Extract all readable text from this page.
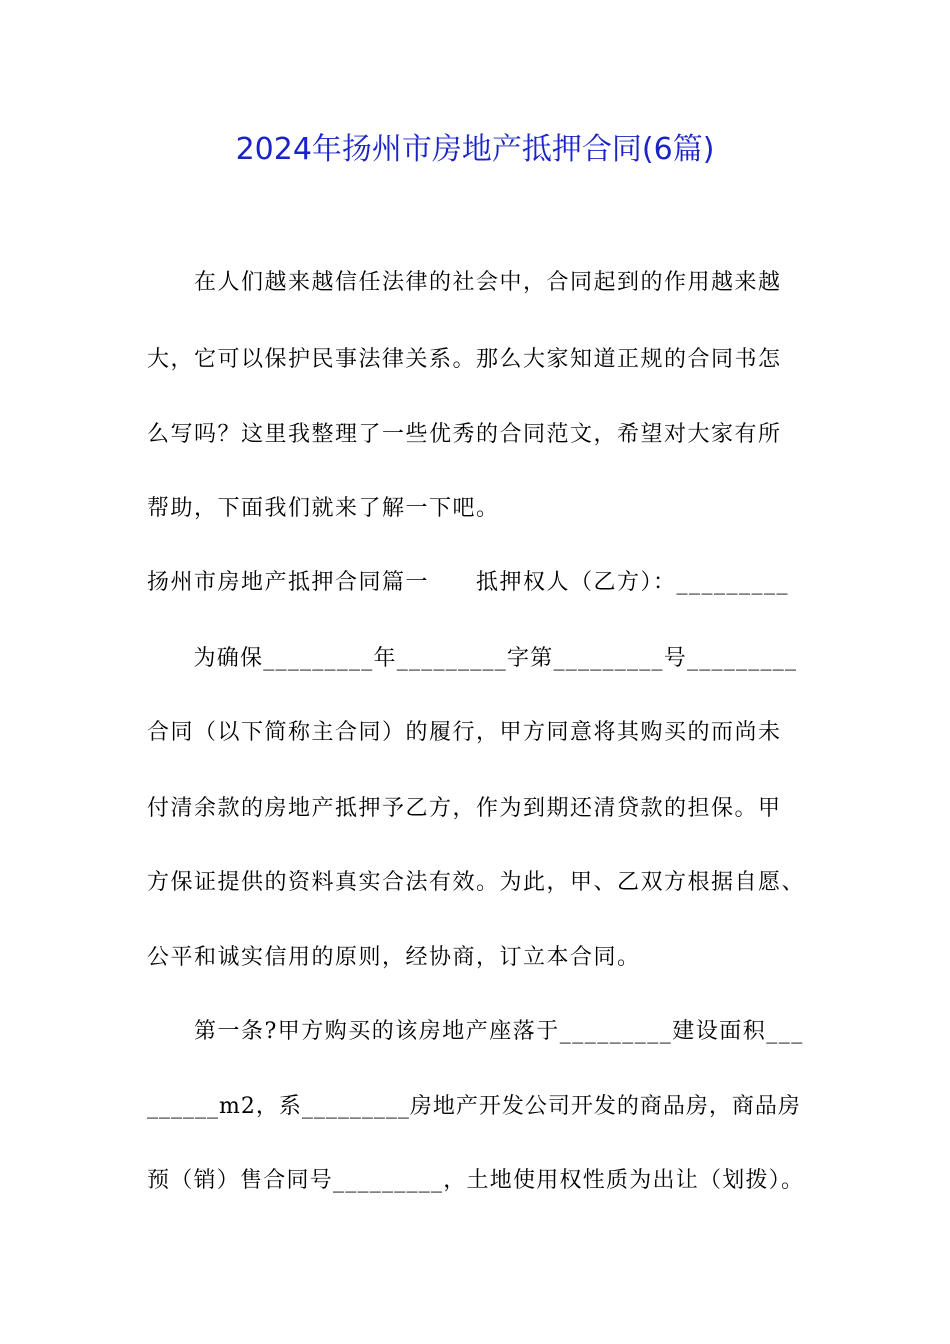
2024年扬州市房地产抵押合同(6篇)
　　在人们越来越信任法律的社会中，合同起到的作用越来越
大，它可以保护民事法律关系。那么大家知道正规的合同书怎
么写吗？这里我整理了一些优秀的合同范文，希望对大家有所
帮助，下面我们就来了解一下吧。
扬州市房地产抵押合同篇一　　抵押权人（乙方）：_________
　　为确保_________年_________字第_________号_________
合同（以下简称主合同）的履行，甲方同意将其购买的而尚未
付清余款的房地产抵押予乙方，作为到期还清贷款的担保。甲
方保证提供的资料真实合法有效。为此，甲、乙双方根据自愿、
公平和诚实信用的原则，经协商，订立本合同。
　　第一条?甲方购买的该房地产座落于_________建设面积___
______m2，系_________房地产开发公司开发的商品房，商品房
预（销）售合同号_________，土地使用权性质为出让（划拨）。
